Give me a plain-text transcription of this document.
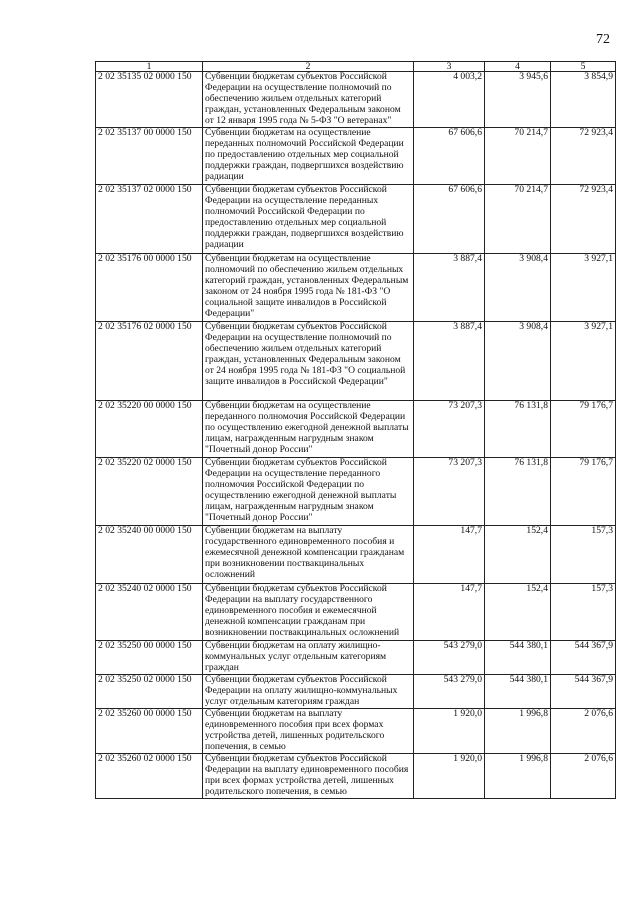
72
1	2	3	4	5
2 02 35135 02 0000 150	Субвенции бюджетам субъектов Российской Федерации на осуществление полномочий по обеспечению жильем отдельных категорий граждан, установленных Федеральным законом от 12 января 1995 года № 5-ФЗ "О ветеранах"	4 003,2	3 945,6	3 854,9
2 02 35137 00 0000 150	Субвенции бюджетам на осуществление переданных полномочий Российской Федерации по предоставлению отдельных мер социальной поддержки граждан, подвергшихся воздействию радиации	67 606,6	70 214,7	72 923,4
2 02 35137 02 0000 150	Субвенции бюджетам субъектов Российской Федерации на осуществление переданных полномочий Российской Федерации по предоставлению отдельных мер социальной поддержки граждан, подвергшихся воздействию радиации	67 606,6	70 214,7	72 923,4
2 02 35176 00 0000 150	Субвенции бюджетам на осуществление полномочий по обеспечению жильем отдельных категорий граждан, установленных Федеральным законом от 24 ноября 1995 года № 181-ФЗ "О социальной защите инвалидов в Российской Федерации"	3 887,4	3 908,4	3 927,1
2 02 35176 02 0000 150	Субвенции бюджетам субъектов Российской Федерации на осуществление полномочий по обеспечению жильем отдельных категорий граждан, установленных Федеральным законом от 24 ноября 1995 года № 181-ФЗ "О социальной защите инвалидов в Российской Федерации"	3 887,4	3 908,4	3 927,1
2 02 35220 00 0000 150	Субвенции бюджетам на осуществление переданного полномочия Российской Федерации по осуществлению ежегодной денежной выплаты лицам, награжденным нагрудным знаком "Почетный донор России"	73 207,3	76 131,8	79 176,7
2 02 35220 02 0000 150	Субвенции бюджетам субъектов Российской Федерации на осуществление переданного полномочия Российской Федерации по осуществлению ежегодной денежной выплаты лицам, награжденным нагрудным знаком "Почетный донор России"	73 207,3	76 131,8	79 176,7
2 02 35240 00 0000 150	Субвенции бюджетам на выплату государственного единовременного пособия и ежемесячной денежной компенсации гражданам при возникновении поствакцинальных осложнений	147,7	152,4	157,3
2 02 35240 02 0000 150	Субвенции бюджетам субъектов Российской Федерации на выплату государственного единовременного пособия и ежемесячной денежной компенсации гражданам при возникновении поствакцинальных осложнений	147,7	152,4	157,3
2 02 35250 00 0000 150	Субвенции бюджетам на оплату жилищно-коммунальных услуг отдельным категориям граждан	543 279,0	544 380,1	544 367,9
2 02 35250 02 0000 150	Субвенции бюджетам субъектов Российской Федерации на оплату жилищно-коммунальных услуг отдельным категориям граждан	543 279,0	544 380,1	544 367,9
2 02 35260 00 0000 150	Субвенции бюджетам на выплату единовременного пособия при всех формах устройства детей, лишенных родительского попечения, в семью	1 920,0	1 996,8	2 076,6
2 02 35260 02 0000 150	Субвенции бюджетам субъектов Российской Федерации на выплату единовременного пособия при всех формах устройства детей, лишенных родительского попечения, в семью	1 920,0	1 996,8	2 076,6
